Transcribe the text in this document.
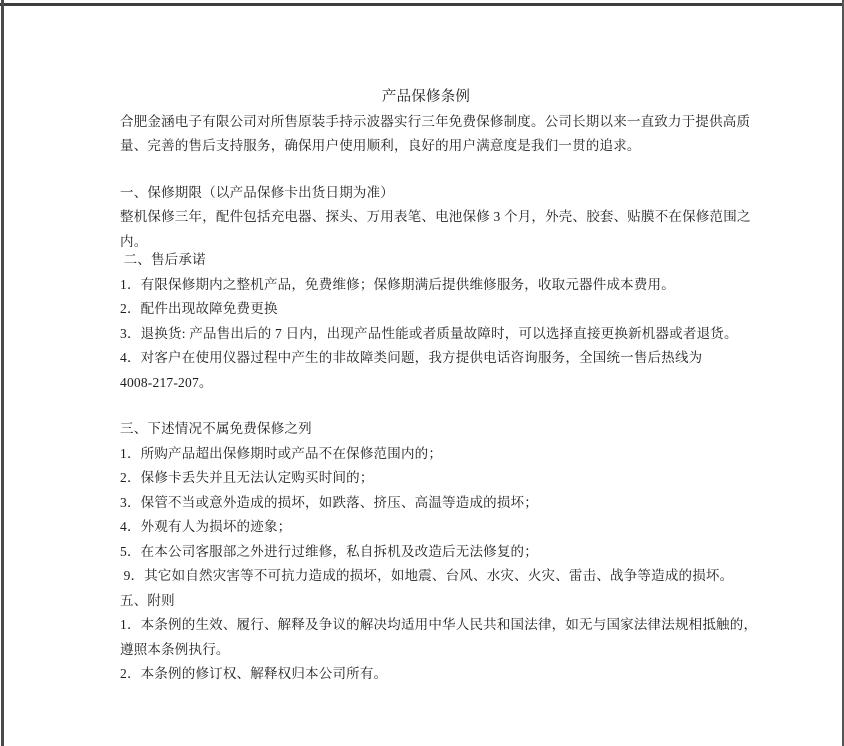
产品保修条例
合肥金涵电子有限公司对所售原装手持示波器实行三年免费保修制度。公司长期以来一直致力于提供高质
量、完善的售后支持服务，确保用户使用顺利，良好的用户满意度是我们一贯的追求。

一、保修期限（以产品保修卡出货日期为准）
整机保修三年，配件包括充电器、探头、万用表笔、电池保修 3 个月，外壳、胶套、贴膜不在保修范围之
内。
二、售后承诺
1．有限保修期内之整机产品，免费维修；保修期满后提供维修服务，收取元器件成本费用。
2．配件出现故障免费更换
3．退换货: 产品售出后的 7 日内，出现产品性能或者质量故障时，可以选择直接更换新机器或者退货。
4．对客户在使用仪器过程中产生的非故障类问题，我方提供电话咨询服务，全国统一售后热线为
4008-217-207。

三、下述情况不属免费保修之列
1．所购产品超出保修期时或产品不在保修范围内的；
2．保修卡丢失并且无法认定购买时间的；
3．保管不当或意外造成的损坏，如跌落、挤压、高温等造成的损坏；
4．外观有人为损坏的迹象；
5．在本公司客服部之外进行过维修，私自拆机及改造后无法修复的；
9．其它如自然灾害等不可抗力造成的损坏，如地震、台风、水灾、火灾、雷击、战争等造成的损坏。
五、附则
1．本条例的生效、履行、解释及争议的解决均适用中华人民共和国法律，如无与国家法律法规相抵触的，
遵照本条例执行。
2．本条例的修订权、解释权归本公司所有。
